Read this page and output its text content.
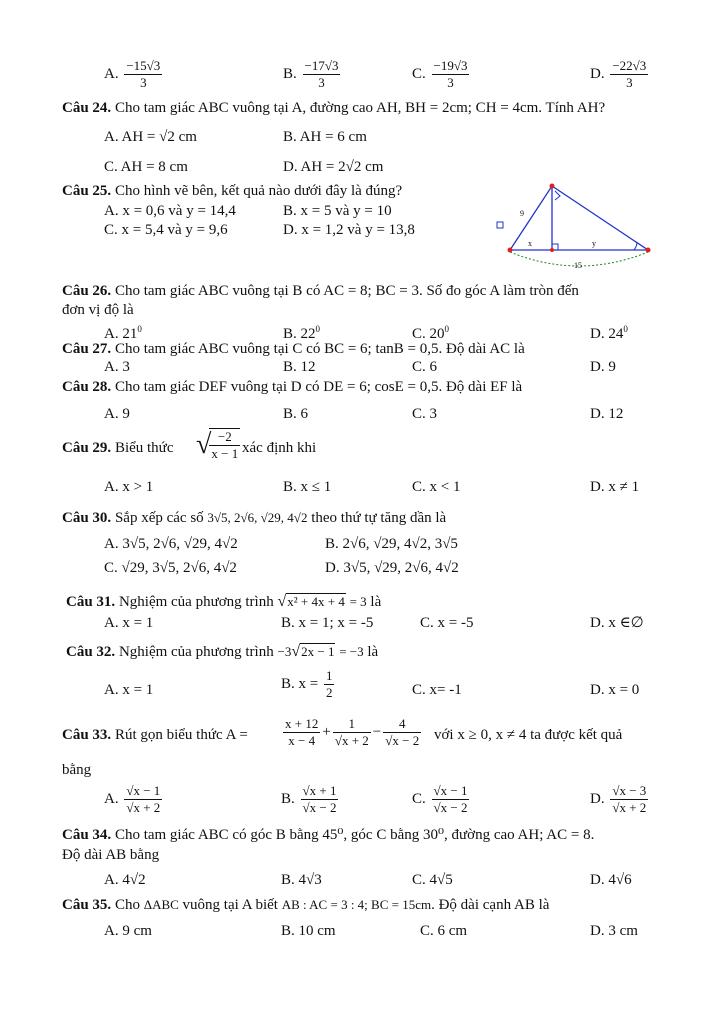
A. $\frac{-15√3}{3}$	B. $\frac{-17√3}{3}$	C. $\frac{-19√3}{3}$	D. $\frac{-22√3}{3}$
Câu 24. Cho tam giác ABC vuông tại A, đường cao AH, BH = 2cm; CH = 4cm. Tính AH?
A. AH = √2 cm	B. AH = 6 cm
C. AH = 8 cm	D. AH = 2√2 cm
Câu 25. Cho hình vẽ bên, kết quả nào dưới đây là đúng?
A. x = 0,6 và y = 14,4	B. x = 5 và y = 10
C. x = 5,4 và y = 9,6	D. x = 1,2 và y = 13,8
9
x	y
15
Câu 26. Cho tam giác ABC vuông tại B có AC = 8; BC = 3. Số đo góc A làm tròn đến
đơn vị độ là
A. $21^0$	B. $22^0$	C. $20^0$	D. $24^0$
Câu 27. Cho tam giác ABC vuông tại C có BC = 6; tanB = 0,5. Độ dài AC là
A. 3	B. 12	C. 6	D. 9
Câu 28. Cho tam giác DEF vuông tại D có DE = 6; cosE = 0,5. Độ dài EF là
A. 9	B. 6	C. 3	D. 12
Câu 29. Biểu thức √
$\frac{-2}{x - 1}$ xác định khi
A. x > 1	B. x ≤ 1	C. x < 1	D. x ≠ 1
Câu 30. Sắp xếp các số 3√5, 2√6, √29, 4√2 theo thứ tự tăng dần là
A. 3√5, 2√6, √29, 4√2	B. 2√6, √29, 4√2, 3√5
C. √29, 3√5, 2√6, 4√2	D. 3√5, √29, 2√6, 4√2
Câu 31. Nghiệm của phương trình √x² + 4x + 4 = 3 là
A. x = 1	B. x = 1; x = -5	C. x = -5	D. x ∈∅
Câu 32. Nghiệm của phương trình −3√2x − 1 = −3 là
A. x = 1	B. $x = \frac{1}{2}$	C. x= -1	D. x = 0
Câu 33. Rút gọn biểu thức A =	$\frac{x + 12}{x - 4} + \frac{1}{√x + 2} - \frac{4}{√x - 2}$ với x ≥ 0, x ≠ 4 ta được kết quả
bằng
A. $\frac{√x - 1}{√x + 2}$	B. $\frac{√x + 1}{√x - 2}$	C. $\frac{√x - 1}{√x - 2}$	D. $\frac{√x - 3}{√x + 2}$
Câu 34. Cho tam giác ABC có góc B bằng 45⁰, góc C bằng 30⁰, đường cao AH; AC = 8.
Độ dài AB bằng
A. 4√2	B. 4√3	C. 4√5	D. 4√6
Câu 35. Cho ΔABC vuông tại A biết AB : AC = 3 : 4; BC = 15cm. Độ dài cạnh AB là
A. 9 cm	B. 10 cm	C. 6 cm	D. 3 cm
